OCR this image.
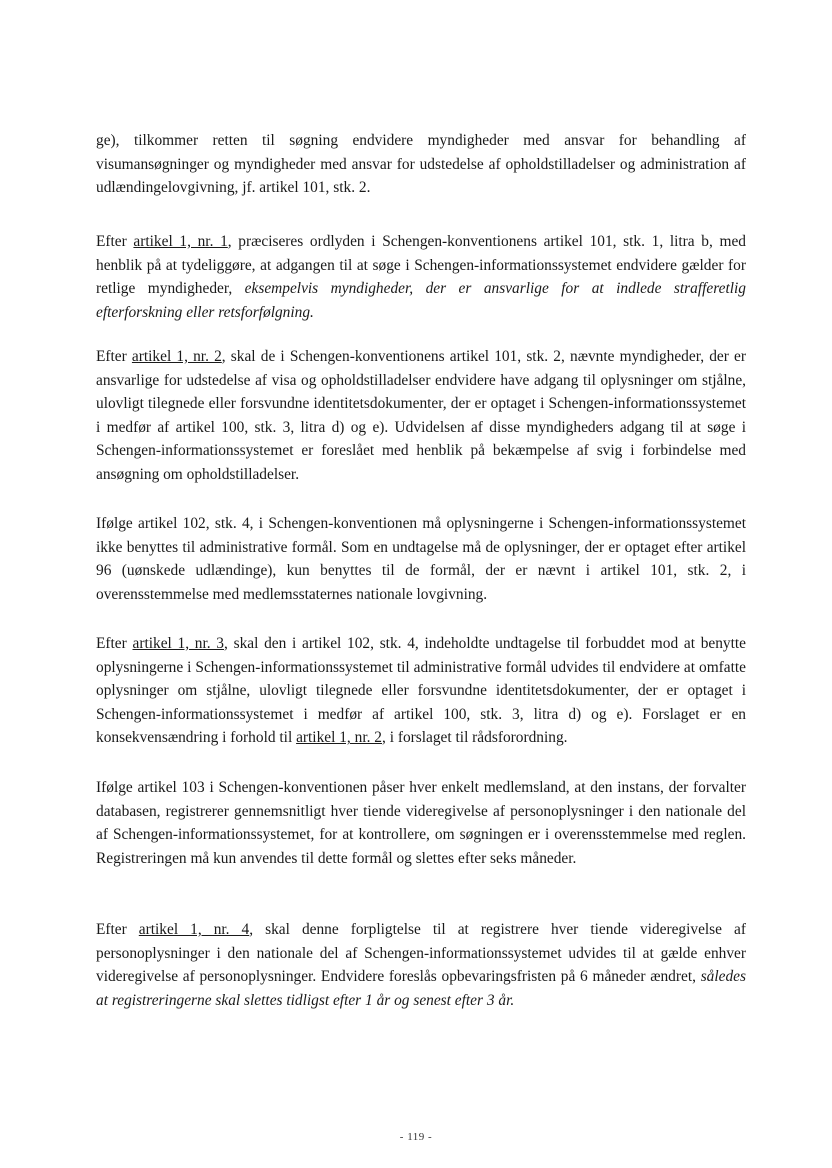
ge), tilkommer retten til søgning endvidere myndigheder med ansvar for behandling af visumansøgninger og myndigheder med ansvar for udstedelse af opholdstilladelser og administration af udlændingelovgivning, jf. artikel 101, stk. 2.

Efter artikel 1, nr. 1, præciseres ordlyden i Schengen-konventionens artikel 101, stk. 1, litra b, med henblik på at tydeliggøre, at adgangen til at søge i Schengen-informationssystemet endvidere gælder for retlige myndigheder, eksempelvis myndigheder, der er ansvarlige for at indlede strafferetlig efterforskning eller retsforfølgning.

Efter artikel 1, nr. 2, skal de i Schengen-konventionens artikel 101, stk. 2, nævnte myndigheder, der er ansvarlige for udstedelse af visa og opholdstilladelser endvidere have adgang til oplysninger om stjålne, ulovligt tilegnede eller forsvundne identitetsdokumenter, der er optaget i Schengen-informationssystemet i medfør af artikel 100, stk. 3, litra d) og e). Udvidelsen af disse myndigheders adgang til at søge i Schengen-informationssystemet er foreslået med henblik på bekæmpelse af svig i forbindelse med ansøgning om opholdstilladelser.

Ifølge artikel 102, stk. 4, i Schengen-konventionen må oplysningerne i Schengen-informationssystemet ikke benyttes til administrative formål. Som en undtagelse må de oplysninger, der er optaget efter artikel 96 (uønskede udlændinge), kun benyttes til de formål, der er nævnt i artikel 101, stk. 2, i overensstemmelse med medlemsstaternes nationale lovgivning.

Efter artikel 1, nr. 3, skal den i artikel 102, stk. 4, indeholdte undtagelse til forbuddet mod at benytte oplysningerne i Schengen-informationssystemet til administrative formål udvides til endvidere at omfatte oplysninger om stjålne, ulovligt tilegnede eller forsvundne identitetsdokumenter, der er optaget i Schengen-informationssystemet i medfør af artikel 100, stk. 3, litra d) og e). Forslaget er en konsekvensændring i forhold til artikel 1, nr. 2, i forslaget til rådsforordning.

Ifølge artikel 103 i Schengen-konventionen påser hver enkelt medlemsland, at den instans, der forvalter databasen, registrerer gennemsnitligt hver tiende videregivelse af personoplysninger i den nationale del af Schengen-informationssystemet, for at kontrollere, om søgningen er i overensstemmelse med reglen. Registreringen må kun anvendes til dette formål og slettes efter seks måneder.

Efter artikel 1, nr. 4, skal denne forpligtelse til at registrere hver tiende videregivelse af personoplysninger i den nationale del af Schengen-informationssystemet udvides til at gælde enhver videregivelse af personoplysninger. Endvidere foreslås opbevaringsfristen på 6 måneder ændret, således at registreringerne skal slettes tidligst efter 1 år og senest efter 3 år.

- 119 -
